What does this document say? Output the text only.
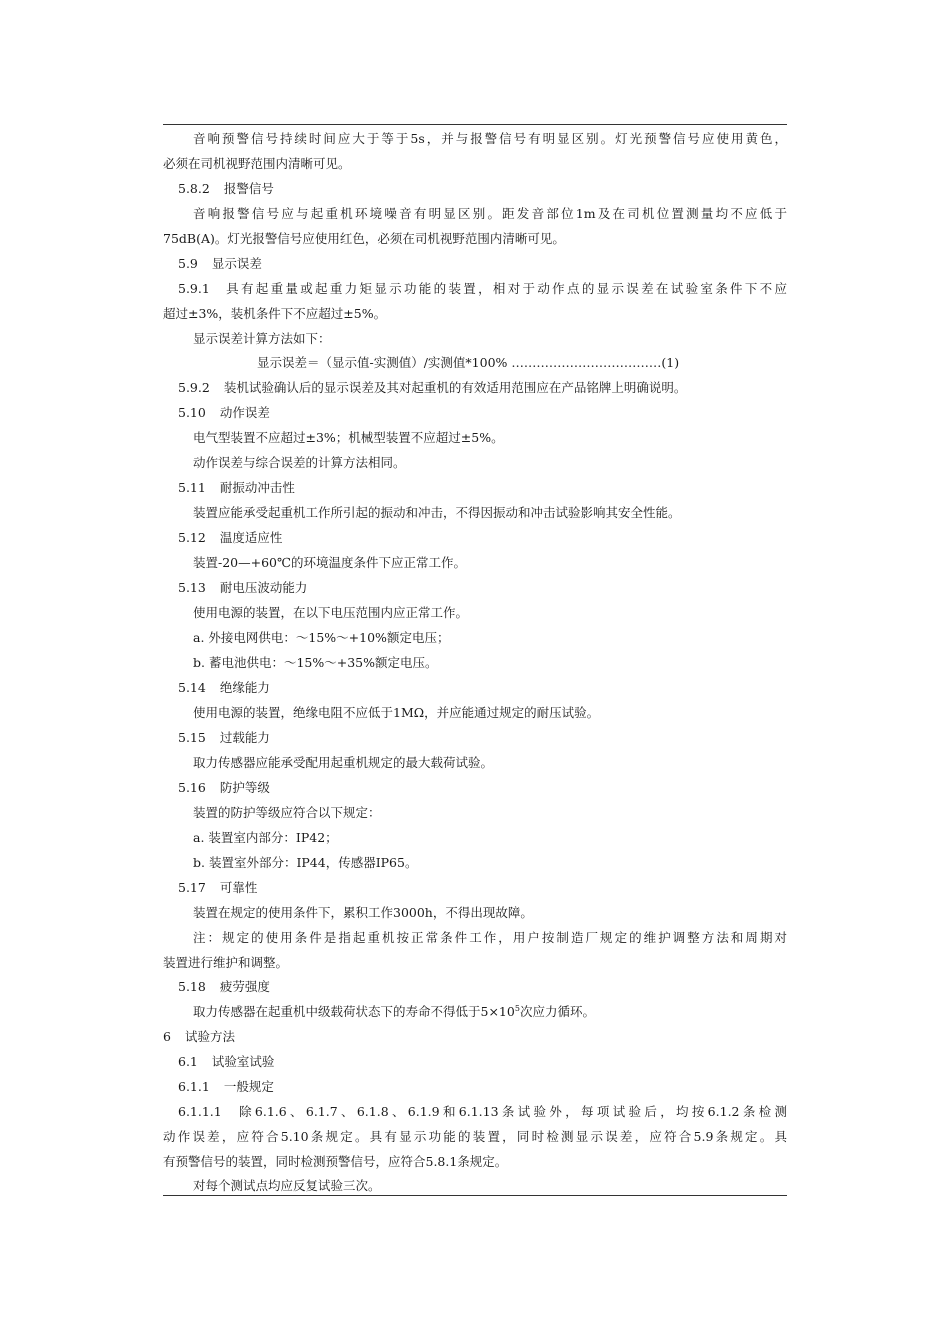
音响预警信号持续时间应大于等于5s，并与报警信号有明显区别。灯光预警信号应使用黄色，
必须在司机视野范围内清晰可见。
5.8.2 报警信号
音响报警信号应与起重机环境噪音有明显区别。距发音部位1m及在司机位置测量均不应低于
75dB(A)。灯光报警信号应使用红色，必须在司机视野范围内清晰可见。
5.9 显示误差
5.9.1 具有起重量或起重力矩显示功能的装置，相对于动作点的显示误差在试验室条件下不应
超过±3%，装机条件下不应超过±5%。
显示误差计算方法如下：
显示误差＝（显示值-实测值）/实测值*100% ………………………………(1)
5.9.2 装机试验确认后的显示误差及其对起重机的有效适用范围应在产品铭牌上明确说明。
5.10 动作误差
电气型装置不应超过±3%；机械型装置不应超过±5%。
动作误差与综合误差的计算方法相同。
5.11 耐振动冲击性
装置应能承受起重机工作所引起的振动和冲击，不得因振动和冲击试验影响其安全性能。
5.12 温度适应性
装置-20—+60℃的环境温度条件下应正常工作。
5.13 耐电压波动能力
使用电源的装置，在以下电压范围内应正常工作。
a. 外接电网供电：～15%～+10%额定电压；
b. 蓄电池供电：～15%～+35%额定电压。
5.14 绝缘能力
使用电源的装置，绝缘电阻不应低于1MΩ，并应能通过规定的耐压试验。
5.15 过载能力
取力传感器应能承受配用起重机规定的最大载荷试验。
5.16 防护等级
装置的防护等级应符合以下规定：
a. 装置室内部分：IP42；
b. 装置室外部分：IP44，传感器IP65。
5.17 可靠性
装置在规定的使用条件下，累积工作3000h，不得出现故障。
注：规定的使用条件是指起重机按正常条件工作，用户按制造厂规定的维护调整方法和周期对
装置进行维护和调整。
5.18 疲劳强度
取力传感器在起重机中级载荷状态下的寿命不得低于$5\times 10^5$次应力循环。
6 试验方法
6.1 试验室试验
6.1.1 一般规定
6.1.1.1 除6.1.6、6.1.7、6.1.8、6.1.9和6.1.13条试验外，每项试验后，均按6.1.2条检测
动作误差，应符合5.10条规定。具有显示功能的装置，同时检测显示误差，应符合5.9条规定。具
有预警信号的装置，同时检测预警信号，应符合5.8.1条规定。
对每个测试点均应反复试验三次。
